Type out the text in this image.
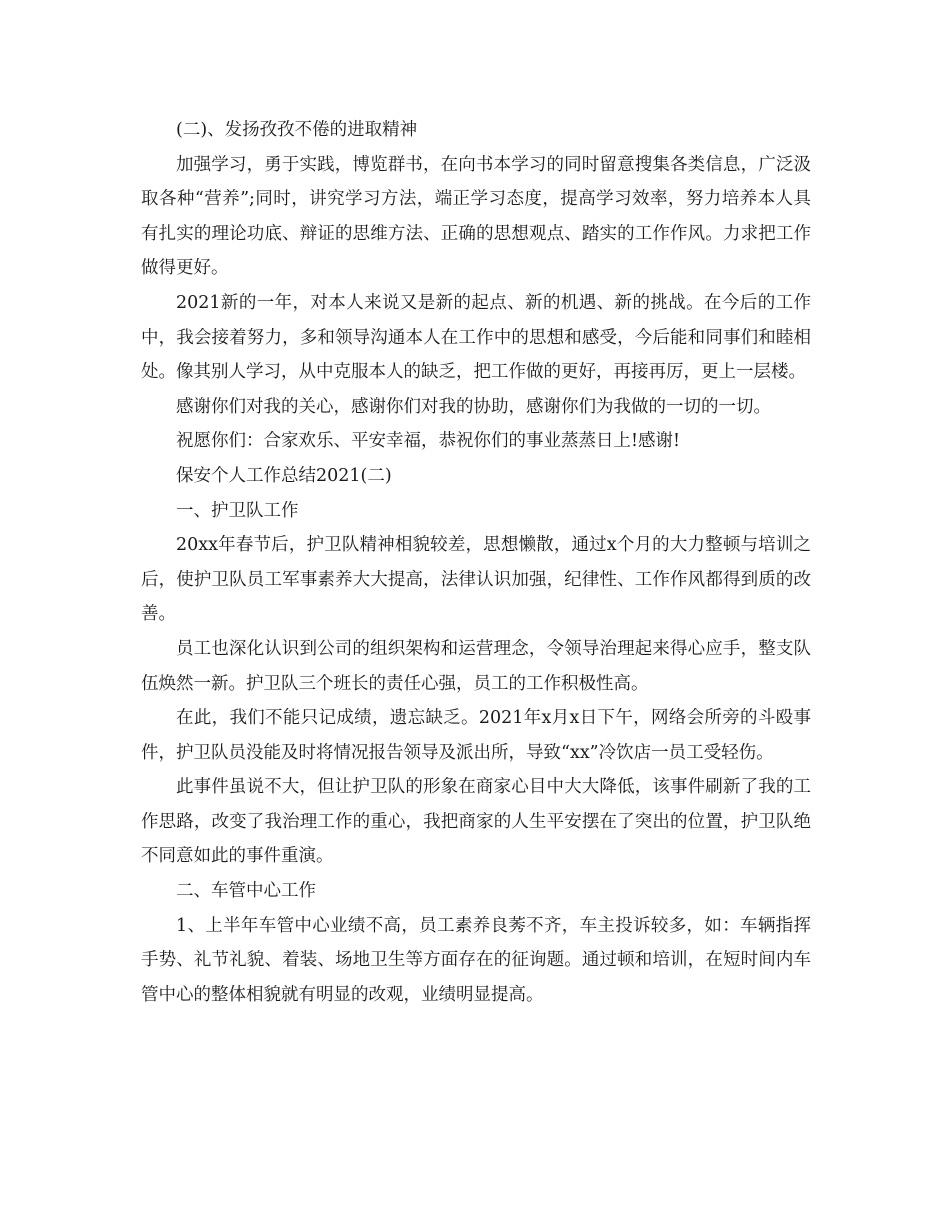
(二)、发扬孜孜不倦的进取精神

加强学习，勇于实践，博览群书，在向书本学习的同时留意搜集各类信息，广泛汲取各种“营养”;同时，讲究学习方法，端正学习态度，提高学习效率，努力培养本人具有扎实的理论功底、辩证的思维方法、正确的思想观点、踏实的工作作风。力求把工作做得更好。

2021新的一年，对本人来说又是新的起点、新的机遇、新的挑战。在今后的工作中，我会接着努力，多和领导沟通本人在工作中的思想和感受，今后能和同事们和睦相处。像其别人学习，从中克服本人的缺乏，把工作做的更好，再接再厉，更上一层楼。

感谢你们对我的关心，感谢你们对我的协助，感谢你们为我做的一切的一切。

祝愿你们：合家欢乐、平安幸福，恭祝你们的事业蒸蒸日上!感谢!

保安个人工作总结2021(二)

一、护卫队工作

20xx年春节后，护卫队精神相貌较差，思想懒散，通过x个月的大力整顿与培训之后，使护卫队员工军事素养大大提高，法律认识加强，纪律性、工作作风都得到质的改善。

员工也深化认识到公司的组织架构和运营理念，令领导治理起来得心应手，整支队伍焕然一新。护卫队三个班长的责任心强，员工的工作积极性高。

在此，我们不能只记成绩，遗忘缺乏。2021年x月x日下午，网络会所旁的斗殴事件，护卫队员没能及时将情况报告领导及派出所，导致“xx”冷饮店一员工受轻伤。

此事件虽说不大，但让护卫队的形象在商家心目中大大降低，该事件刷新了我的工作思路，改变了我治理工作的重心，我把商家的人生平安摆在了突出的位置，护卫队绝不同意如此的事件重演。

二、车管中心工作

1、上半年车管中心业绩不高，员工素养良莠不齐，车主投诉较多，如：车辆指挥手势、礼节礼貌、着装、场地卫生等方面存在的征询题。通过顿和培训，在短时间内车管中心的整体相貌就有明显的改观，业绩明显提高。
